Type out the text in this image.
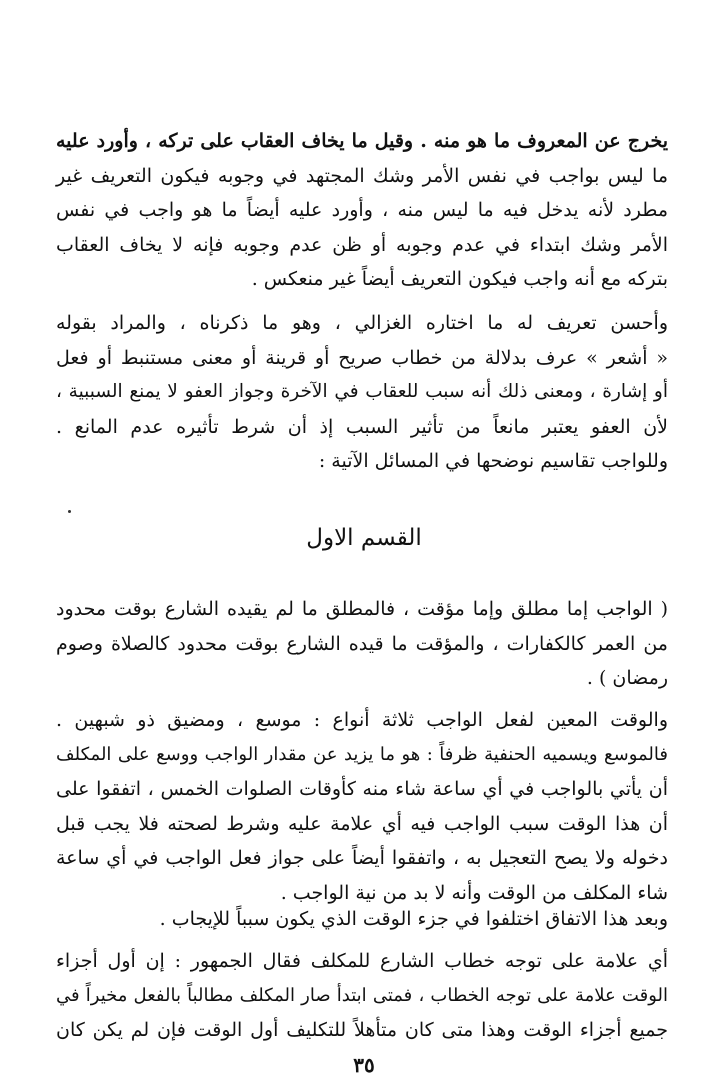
يخرج عن المعروف ما هو منه . وقيل ما يخاف العقاب على تركه ، وأورد عليه
ما ليس بواجب في نفس الأمر وشك المجتهد في وجوبه فيكون التعريف غير
مطرد لأنه يدخل فيه ما ليس منه ، وأورد عليه أيضاً ما هو واجب في نفس
الأمر وشك ابتداء في عدم وجوبه أو ظن عدم وجوبه فإنه لا يخاف العقاب
بتركه مع أنه واجب فيكون التعريف أيضاً غير منعكس .
وأحسن تعريف له ما اختاره الغزالي ، وهو ما ذكرناه ، والمراد بقوله
« أشعر » عرف بدلالة من خطاب صريح أو قرينة أو معنى مستنبط أو فعل
أو إشارة ، ومعنى ذلك أنه سبب للعقاب في الآخرة وجواز العفو لا يمنع السببية ،
لأن العفو يعتبر مانعاً من تأثير السبب إذ أن شرط تأثيره عدم المانع .
وللواجب تقاسيم نوضحها في المسائل الآتية :
القسم الاول
( الواجب إما مطلق وإما مؤقت ، فالمطلق ما لم يقيده الشارع بوقت محدود
من العمر كالكفارات ، والمؤقت ما قيده الشارع بوقت محدود كالصلاة وصوم
رمضان ) .
والوقت المعين لفعل الواجب ثلاثة أنواع : موسع ، ومضيق ذو شبهين .
فالموسع ويسميه الحنفية ظرفاً : هو ما يزيد عن مقدار الواجب ووسع على المكلف
أن يأتي بالواجب في أي ساعة شاء منه كأوقات الصلوات الخمس ، اتفقوا على
أن هذا الوقت سبب الواجب فيه أي علامة عليه وشرط لصحته فلا يجب قبل
دخوله ولا يصح التعجيل به ، واتفقوا أيضاً على جواز فعل الواجب في أي ساعة
شاء المكلف من الوقت وأنه لا بد من نية الواجب .
وبعد هذا الاتفاق اختلفوا في جزء الوقت الذي يكون سبباً للإيجاب .
أي علامة على توجه خطاب الشارع للمكلف فقال الجمهور : إن أول أجزاء
الوقت علامة على توجه الخطاب ، فمتى ابتدأ صار المكلف مطالباً بالفعل مخيراً في
جميع أجزاء الوقت وهذا متى كان متأهلاً للتكليف أول الوقت فإن لم يكن كان
٣٥
